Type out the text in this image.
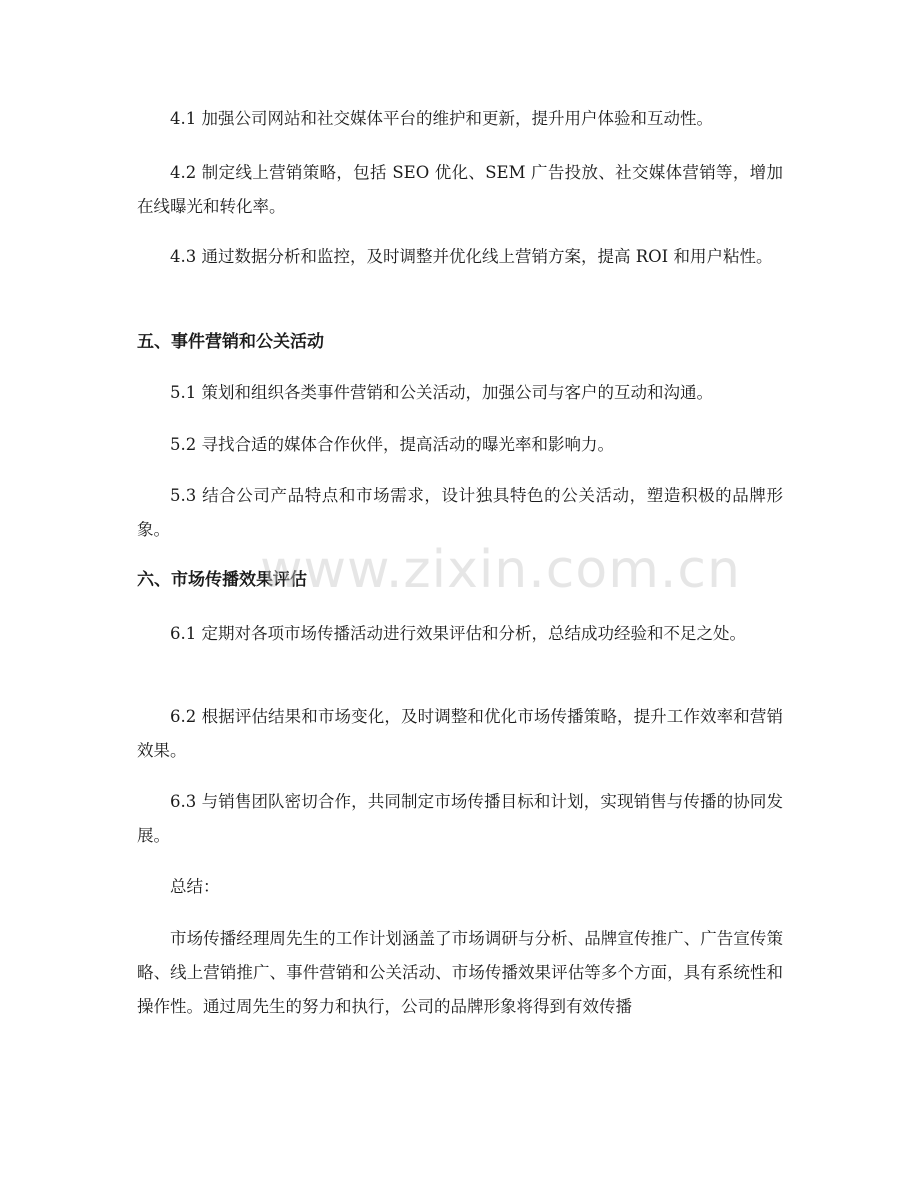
4.1 加强公司网站和社交媒体平台的维护和更新，提升用户体验和互动性。

4.2 制定线上营销策略，包括 SEO 优化、SEM 广告投放、社交媒体营销等，增加在线曝光和转化率。

4.3 通过数据分析和监控，及时调整并优化线上营销方案，提高 ROI 和用户粘性。

五、事件营销和公关活动

5.1 策划和组织各类事件营销和公关活动，加强公司与客户的互动和沟通。

5.2 寻找合适的媒体合作伙伴，提高活动的曝光率和影响力。

5.3 结合公司产品特点和市场需求，设计独具特色的公关活动，塑造积极的品牌形象。

六、市场传播效果评估

6.1 定期对各项市场传播活动进行效果评估和分析，总结成功经验和不足之处。

6.2 根据评估结果和市场变化，及时调整和优化市场传播策略，提升工作效率和营销效果。

6.3 与销售团队密切合作，共同制定市场传播目标和计划，实现销售与传播的协同发展。

总结：

市场传播经理周先生的工作计划涵盖了市场调研与分析、品牌宣传推广、广告宣传策略、线上营销推广、事件营销和公关活动、市场传播效果评估等多个方面，具有系统性和操作性。通过周先生的努力和执行，公司的品牌形象将得到有效传播

www.zixin.com.cn
